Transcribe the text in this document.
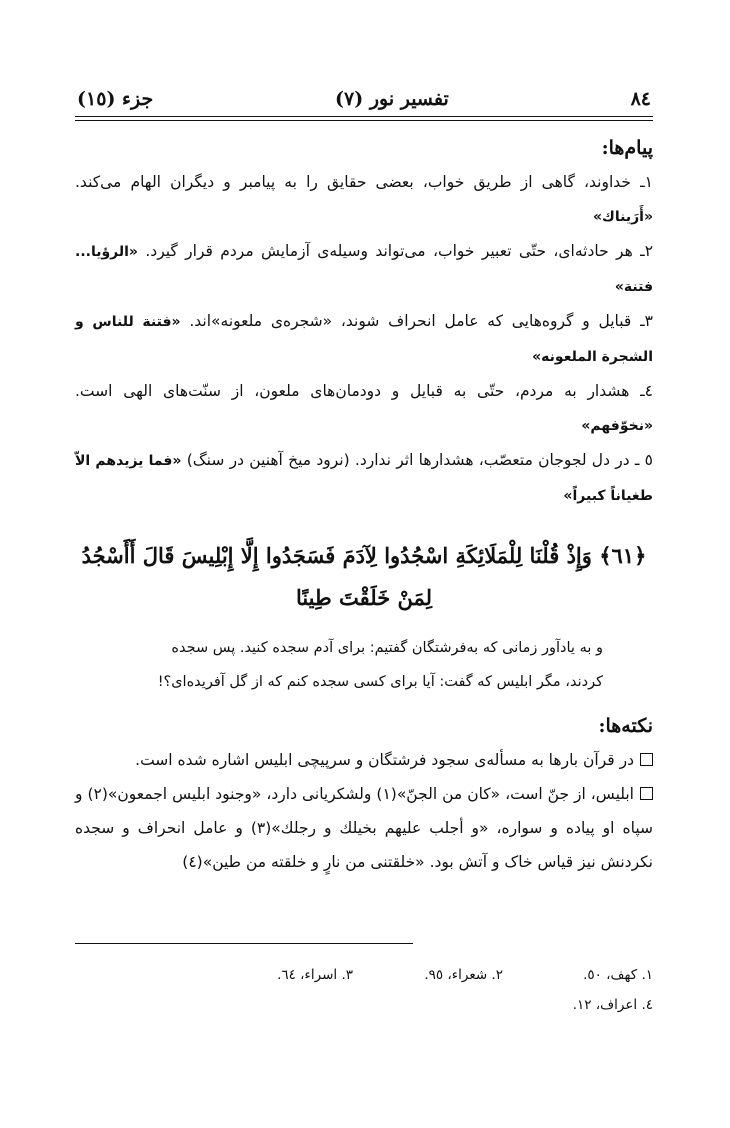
٨٤
تفسیر نور (٧)
جزء (١٥)
پیام‌ها:
١ـ خداوند، گاهی از طریق خواب، بعضی حقایق را به پیامبر و دیگران الهام می‌کند. «أَرَيناك»
٢ـ هر حادثه‌ای، حتّی تعبیر خواب، می‌تواند وسیله‌ی آزمایش مردم قرار گیرد. «الرؤيا... فتنة»
٣ـ قبایل و گروه‌هایی که عامل انحراف شوند، «شجره‌ی ملعونه»اند. «فتنة للناس و الشجرة الملعونه»
٤ـ هشدار به مردم، حتّی به قبایل و دودمان‌های ملعون، از سنّت‌های الهی است. «نخوّفهم»
٥ ـ در دل لجوجان متعصّب، هشدارها اثر ندارد. (نرود میخ آهنین در سنگ) «فما يزيدهم الاّ طغياناً كبيراً»
﴿٦١﴾ وَإِذْ قُلْنَا لِلْمَلَائِكَةِ اسْجُدُوا لِآدَمَ فَسَجَدُوا إِلَّا إِبْلِيسَ قَالَ أَأَسْجُدُ لِمَنْ خَلَقْتَ طِينًا
و به یادآور زمانی که به‌فرشتگان گفتیم: برای آدم سجده کنید. پس سجده کردند، مگر ابلیس که گفت: آیا برای کسی سجده کنم که از گل آفریده‌ای؟!
نکته‌ها:
در قرآن بارها به مسأله‌ی سجود فرشتگان و سرپیچی ابلیس اشاره شده است.
ابلیس، از جنّ است، «كان من الجنّ»(١) ولشکریانی دارد، «وجنود ابليس اجمعون»(٢) و سپاه او پیاده و سواره، «و أجلب عليهم بخيلك و رجلك»(٣) و عامل انحراف و سجده نکردنش نیز قیاس خاک و آتش بود. «خلقتنی من نارٍ و خلقته من طين»(٤)
١. كهف، ٥٠.
٢. شعراء، ٩٥.
٣. اسراء، ٦٤.
٤. اعراف، ١٢.
